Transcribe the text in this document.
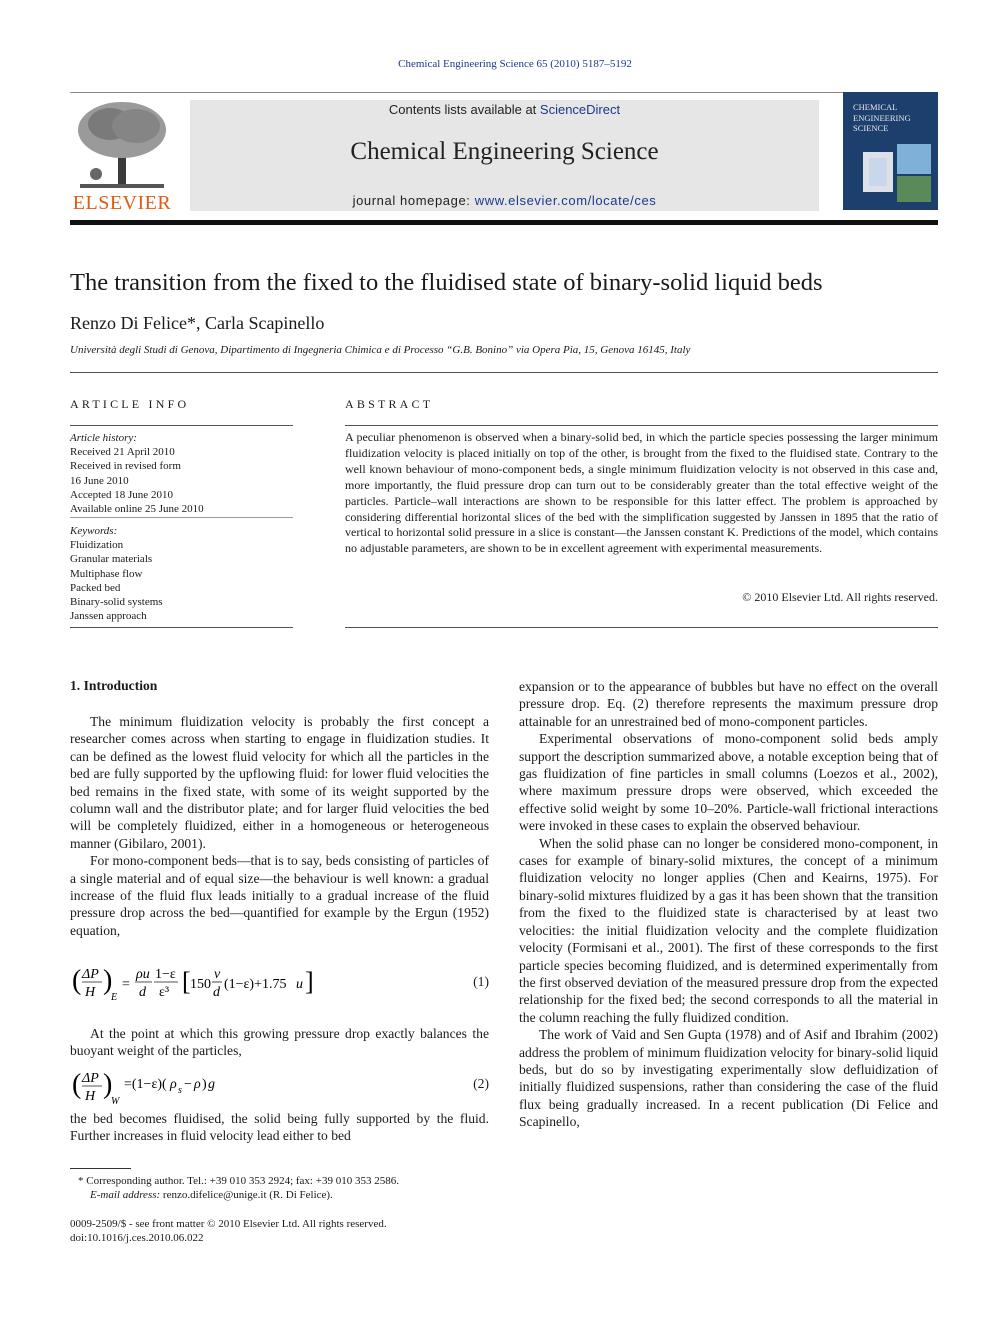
Chemical Engineering Science 65 (2010) 5187–5192
ELSEVIER
Contents lists available at ScienceDirect
Chemical Engineering Science
journal homepage: www.elsevier.com/locate/ces
CHEMICAL
ENGINEERING
SCIENCE
The transition from the fixed to the fluidised state of binary-solid liquid beds
Renzo Di Felice*, Carla Scapinello
Università degli Studi di Genova, Dipartimento di Ingegneria Chimica e di Processo “G.B. Bonino” via Opera Pia, 15, Genova 16145, Italy
ARTICLE INFO
Article history:
Received 21 April 2010
Received in revised form
16 June 2010
Accepted 18 June 2010
Available online 25 June 2010
Keywords:
Fluidization
Granular materials
Multiphase flow
Packed bed
Binary-solid systems
Janssen approach
ABSTRACT
A peculiar phenomenon is observed when a binary-solid bed, in which the particle species possessing the larger minimum fluidization velocity is placed initially on top of the other, is brought from the fixed to the fluidised state. Contrary to the well known behaviour of mono-component beds, a single minimum fluidization velocity is not observed in this case and, more importantly, the fluid pressure drop can turn out to be considerably greater than the total effective weight of the particles. Particle–wall interactions are shown to be responsible for this latter effect. The problem is approached by considering differential horizontal slices of the bed with the simplification suggested by Janssen in 1895 that the ratio of vertical to horizontal solid pressure in a slice is constant—the Janssen constant K. Predictions of the model, which contains no adjustable parameters, are shown to be in excellent agreement with experimental measurements.
© 2010 Elsevier Ltd. All rights reserved.
1. Introduction

The minimum fluidization velocity is probably the first concept a researcher comes across when starting to engage in fluidization studies. It can be defined as the lowest fluid velocity for which all the particles in the bed are fully supported by the upflowing fluid: for lower fluid velocities the bed remains in the fixed state, with some of its weight supported by the column wall and the distributor plate; and for larger fluid velocities the bed will be completely fluidized, either in a homogeneous or heterogeneous manner (Gibilaro, 2001).

For mono-component beds—that is to say, beds consisting of particles of a single material and of equal size—the behaviour is well known: a gradual increase of the fluid flux leads initially to a gradual increase of the fluid pressure drop across the bed—quantified for example by the Ergun (1952) equation,

( ΔP
H )
E
=
ρu
d
1−ε
ε³ [ 150
v
d
(1−ε)+1.75 u ]	(1)

At the point at which this growing pressure drop exactly balances the buoyant weight of the particles,

( ΔP
H )
W
=(1−ε)( ρ s − ρ ) g	(2)

the bed becomes fluidised, the solid being fully supported by the fluid. Further increases in fluid velocity lead either to bed

* Corresponding author. Tel.: +39 010 353 2924; fax: +39 010 353 2586.
E-mail address: renzo.difelice@unige.it (R. Di Felice).
0009-2509/$ - see front matter © 2010 Elsevier Ltd. All rights reserved.
doi:10.1016/j.ces.2010.06.022

expansion or to the appearance of bubbles but have no effect on the overall pressure drop. Eq. (2) therefore represents the maximum pressure drop attainable for an unrestrained bed of mono-component particles.

Experimental observations of mono-component solid beds amply support the description summarized above, a notable exception being that of gas fluidization of fine particles in small columns (Loezos et al., 2002), where maximum pressure drops were observed, which exceeded the effective solid weight by some 10–20%. Particle-wall frictional interactions were invoked in these cases to explain the observed behaviour.

When the solid phase can no longer be considered mono-component, in cases for example of binary-solid mixtures, the concept of a minimum fluidization velocity no longer applies (Chen and Keairns, 1975). For binary-solid mixtures fluidized by a gas it has been shown that the transition from the fixed to the fluidized state is characterised by at least two velocities: the initial fluidization velocity and the complete fluidization velocity (Formisani et al., 2001). The first of these corresponds to the first particle species becoming fluidized, and is determined experimentally from the first observed deviation of the measured pressure drop from the expected relationship for the fixed bed; the second corresponds to all the material in the column reaching the fully fluidized condition.

The work of Vaid and Sen Gupta (1978) and of Asif and Ibrahim (2002) address the problem of minimum fluidization velocity for binary-solid liquid beds, but do so by investigating experimentally slow defluidization of initially fluidized suspensions, rather than considering the case of the fluid flux being gradually increased. In a recent publication (Di Felice and Scapinello,
